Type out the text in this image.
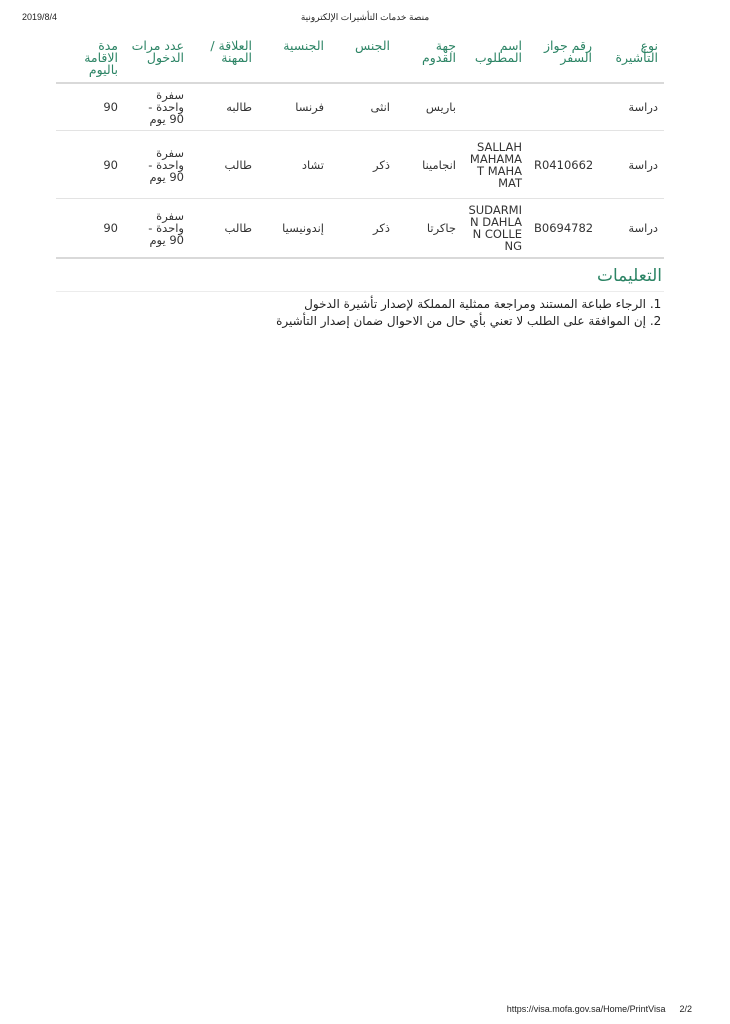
2019/8/4	منصة خدمات التأشيرات الإلكترونية
نوع التأشيرة	رقم جواز السفر	اسم المطلوب	جهة القدوم	الجنس	الجنسية	العلاقة / المهنة	عدد مرات الدخول	مدة الاقامة باليوم
دراسة			باريس	انثى	فرنسا	طالبه	سفرة واحدة - 90 يوم	90
دراسة	R0410662	SALLAH MAHAMAT MAHAMAT	انجامينا	ذكر	تشاد	طالب	سفرة واحدة - 90 يوم	90
دراسة	B0694782	SUDARMIN DAHLAN COLLENG	جاكرتا	ذكر	إندونيسيا	طالب	سفرة واحدة - 90 يوم	90
التعليمات
1. الرجاء طباعة المستند ومراجعة ممثلية المملكة لإصدار تأشيرة الدخول
2. إن الموافقة على الطلب لا تعني بأي حال من الاحوال ضمان إصدار التأشيرة
https://visa.mofa.gov.sa/Home/PrintVisa 2/2
